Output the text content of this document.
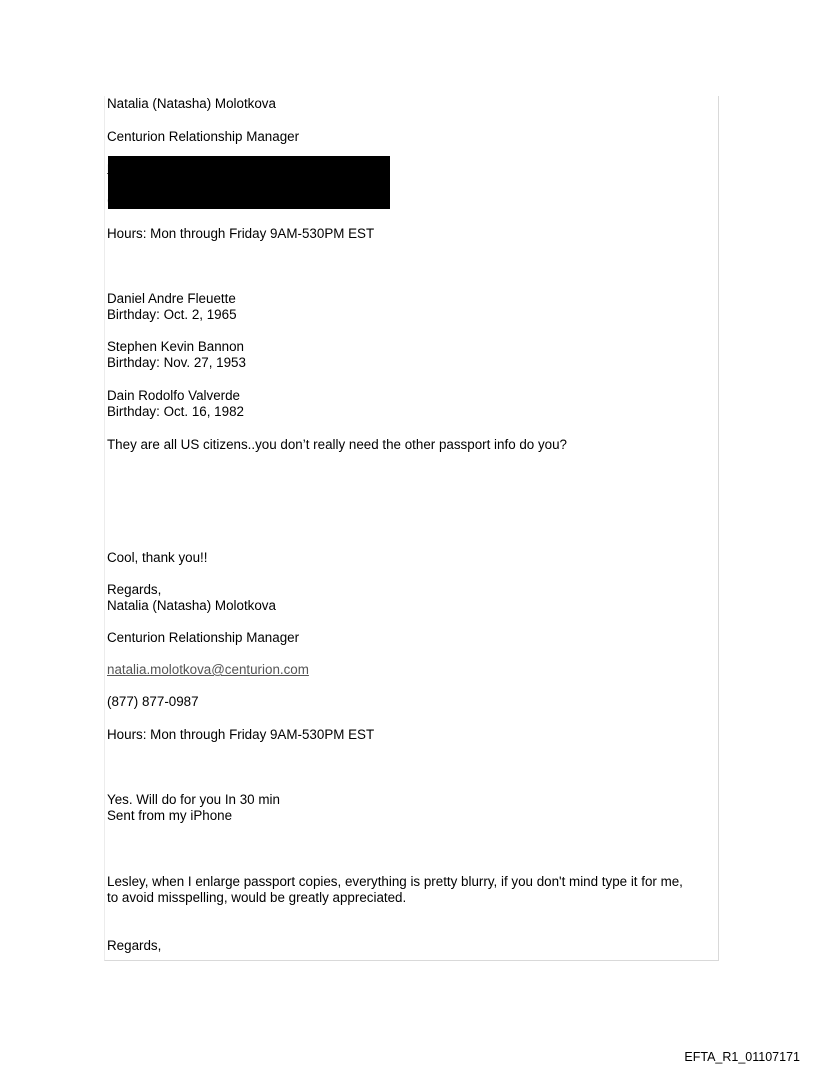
Natalia (Natasha) Molotkova
Centurion Relationship Manager
Hours: Mon through Friday 9AM-530PM EST
Daniel Andre Fleuette
Birthday: Oct. 2, 1965
Stephen Kevin Bannon
Birthday: Nov. 27, 1953
Dain Rodolfo Valverde
Birthday: Oct. 16, 1982
They are all US citizens..you don’t really need the other passport info do you?
Cool, thank you!!
Regards,
Natalia (Natasha) Molotkova
Centurion Relationship Manager
natalia.molotkova@centurion.com
(877) 877-0987
Hours: Mon through Friday 9AM-530PM EST
Yes. Will do for you In 30 min
Sent from my iPhone
Lesley, when I enlarge passport copies, everything is pretty blurry, if you don't mind type it for me,
to avoid misspelling, would be greatly appreciated.
Regards,
EFTA_R1_01107171
